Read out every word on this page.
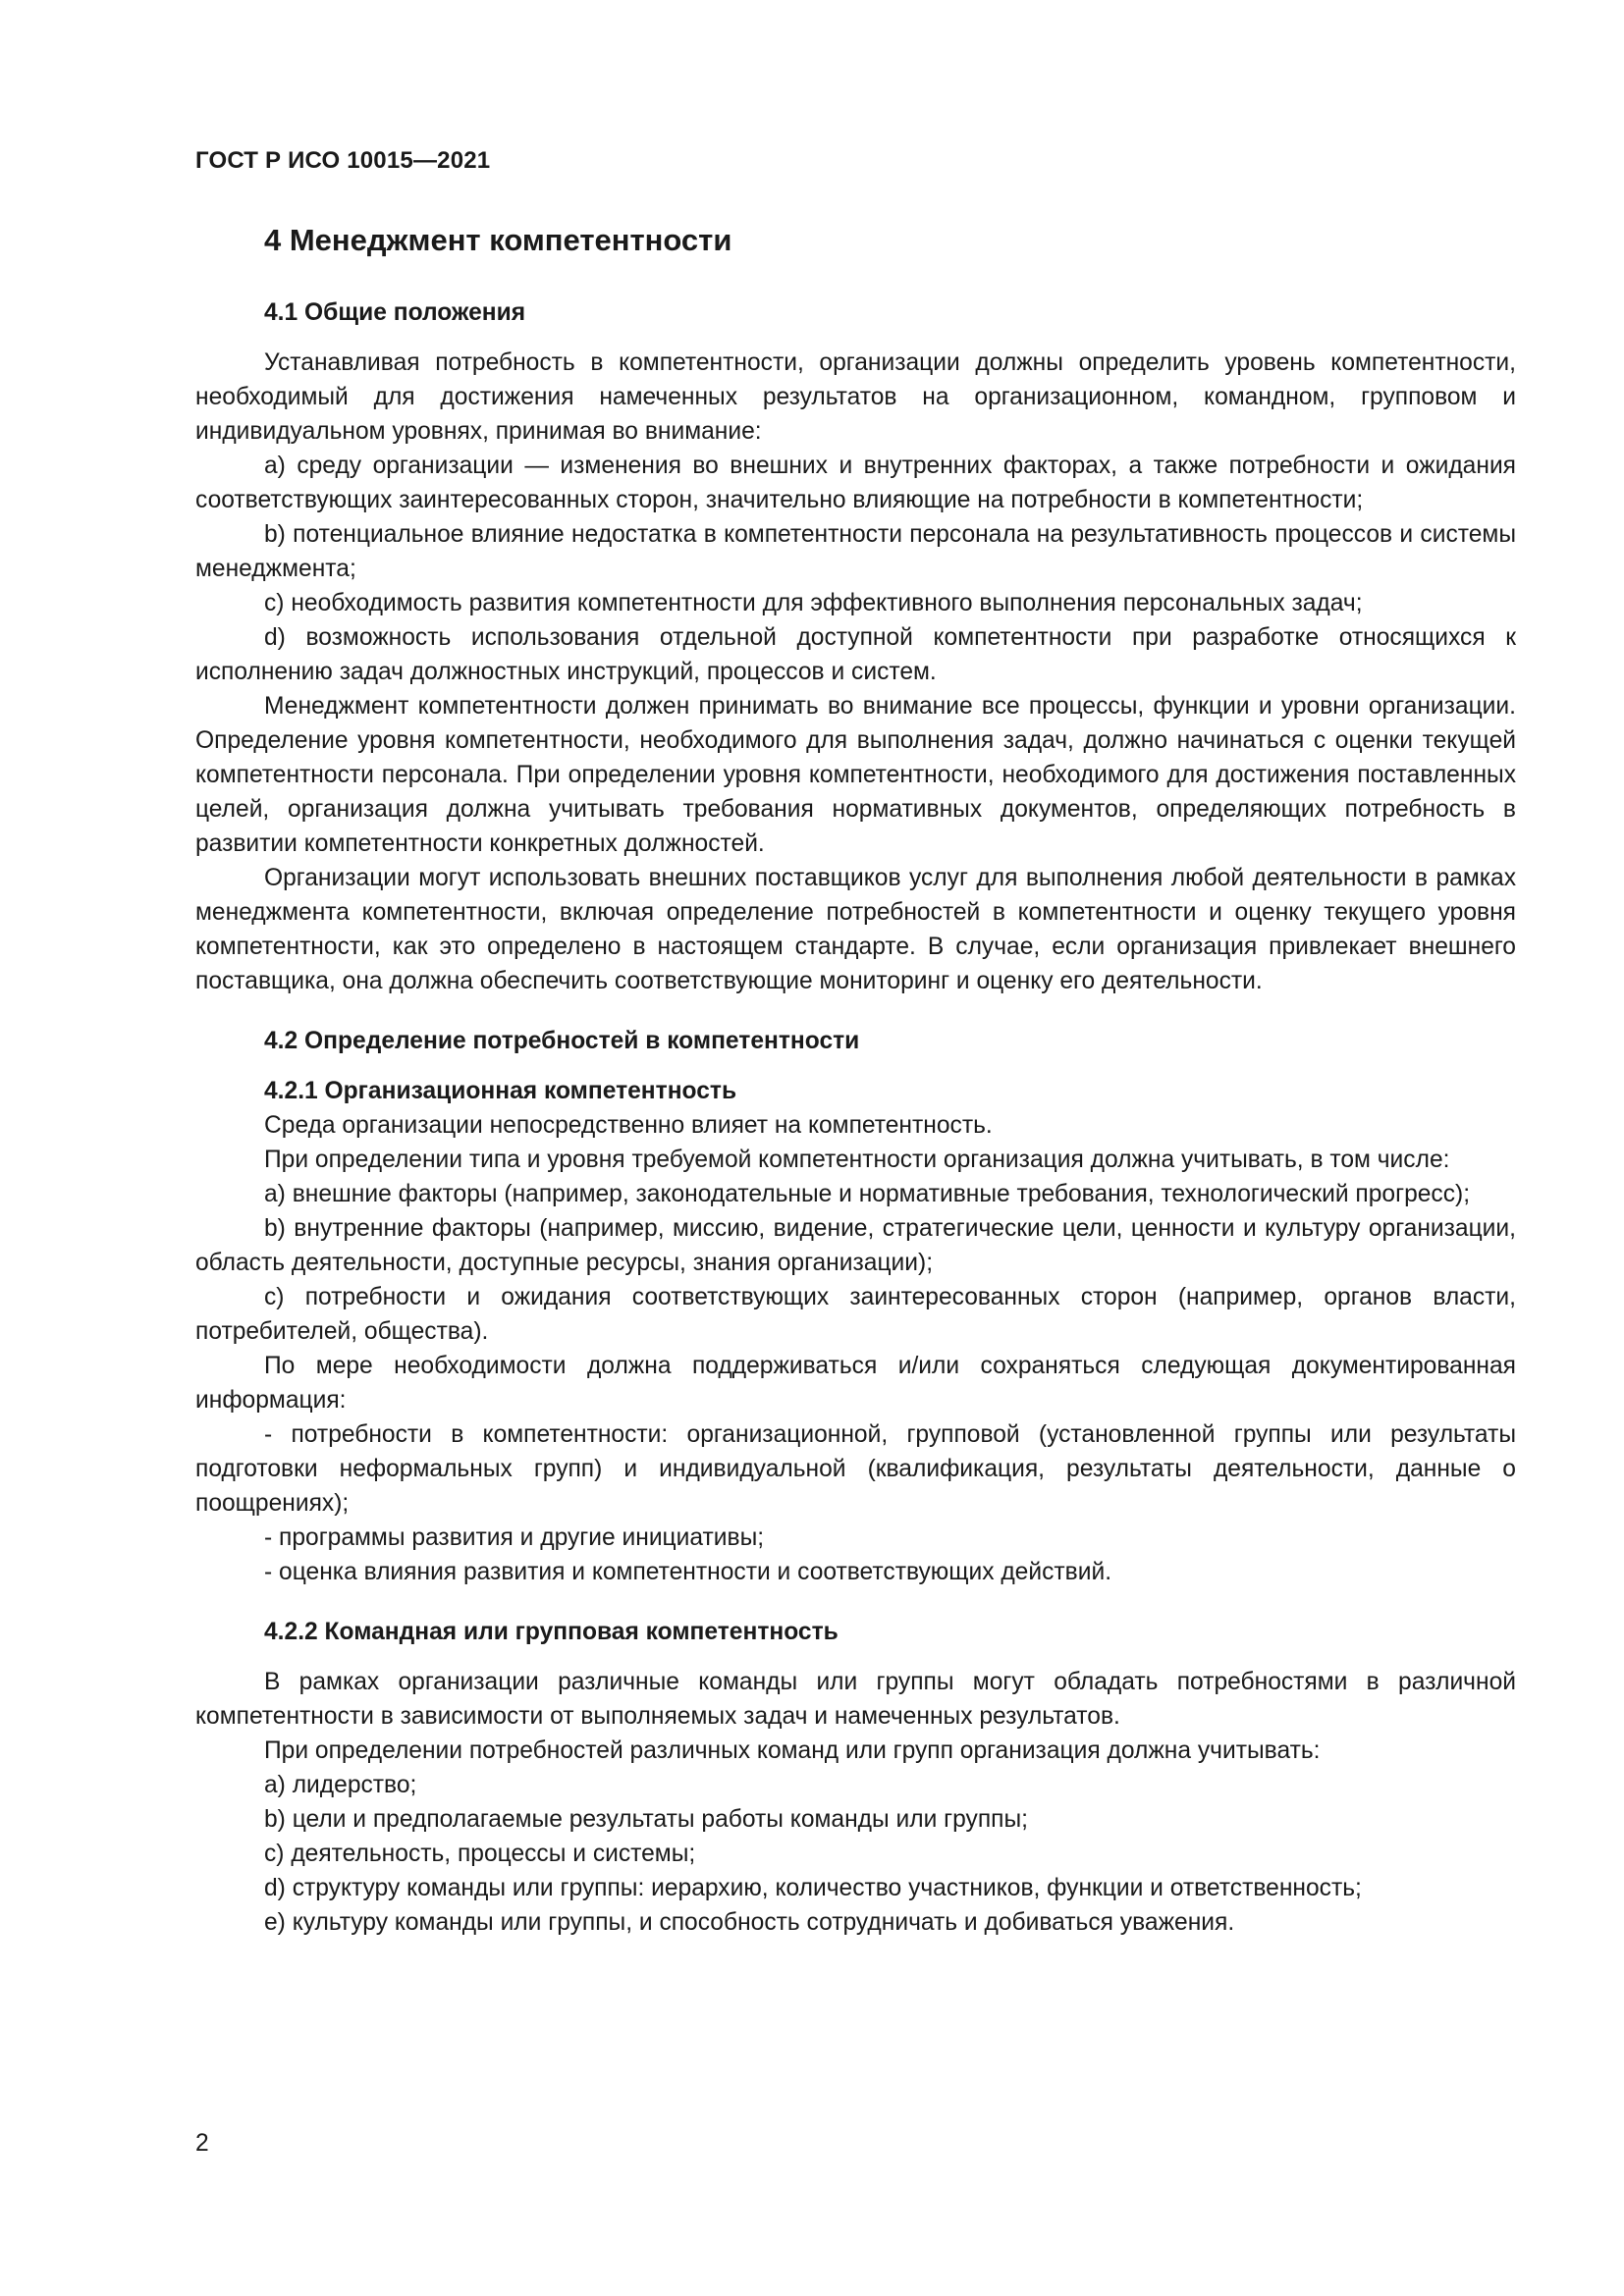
ГОСТ Р ИСО 10015—2021
4 Менеджмент компетентности
4.1 Общие положения

Устанавливая потребность в компетентности, организации должны определить уровень компетентности, необходимый для достижения намеченных результатов на организационном, командном, групповом и индивидуальном уровнях, принимая во внимание:

а) среду организации — изменения во внешних и внутренних факторах, а также потребности и ожидания соответствующих заинтересованных сторон, значительно влияющие на потребности в компетентности;

b) потенциальное влияние недостатка в компетентности персонала на результативность процессов и системы менеджмента;

c) необходимость развития компетентности для эффективного выполнения персональных задач;

d) возможность использования отдельной доступной компетентности при разработке относящихся к исполнению задач должностных инструкций, процессов и систем.

Менеджмент компетентности должен принимать во внимание все процессы, функции и уровни организации. Определение уровня компетентности, необходимого для выполнения задач, должно начинаться с оценки текущей компетентности персонала. При определении уровня компетентности, необходимого для достижения поставленных целей, организация должна учитывать требования нормативных документов, определяющих потребность в развитии компетентности конкретных должностей.

Организации могут использовать внешних поставщиков услуг для выполнения любой деятельности в рамках менеджмента компетентности, включая определение потребностей в компетентности и оценку текущего уровня компетентности, как это определено в настоящем стандарте. В случае, если организация привлекает внешнего поставщика, она должна обеспечить соответствующие мониторинг и оценку его деятельности.

4.2 Определение потребностей в компетентности
4.2.1 Организационная компетентность

Среда организации непосредственно влияет на компетентность.

При определении типа и уровня требуемой компетентности организация должна учитывать, в том числе:

а) внешние факторы (например, законодательные и нормативные требования, технологический прогресс);

b) внутренние факторы (например, миссию, видение, стратегические цели, ценности и культуру организации, область деятельности, доступные ресурсы, знания организации);

c) потребности и ожидания соответствующих заинтересованных сторон (например, органов власти, потребителей, общества).

По мере необходимости должна поддерживаться и/или сохраняться следующая документированная информация:

- потребности в компетентности: организационной, групповой (установленной группы или результаты подготовки неформальных групп) и индивидуальной (квалификация, результаты деятельности, данные о поощрениях);

- программы развития и другие инициативы;

- оценка влияния развития и компетентности и соответствующих действий.

4.2.2 Командная или групповая компетентность

В рамках организации различные команды или группы могут обладать потребностями в различной компетентности в зависимости от выполняемых задач и намеченных результатов.

При определении потребностей различных команд или групп организация должна учитывать:

а) лидерство;

b) цели и предполагаемые результаты работы команды или группы;

c) деятельность, процессы и системы;

d) структуру команды или группы: иерархию, количество участников, функции и ответственность;

e) культуру команды или группы, и способность сотрудничать и добиваться уважения.

2
